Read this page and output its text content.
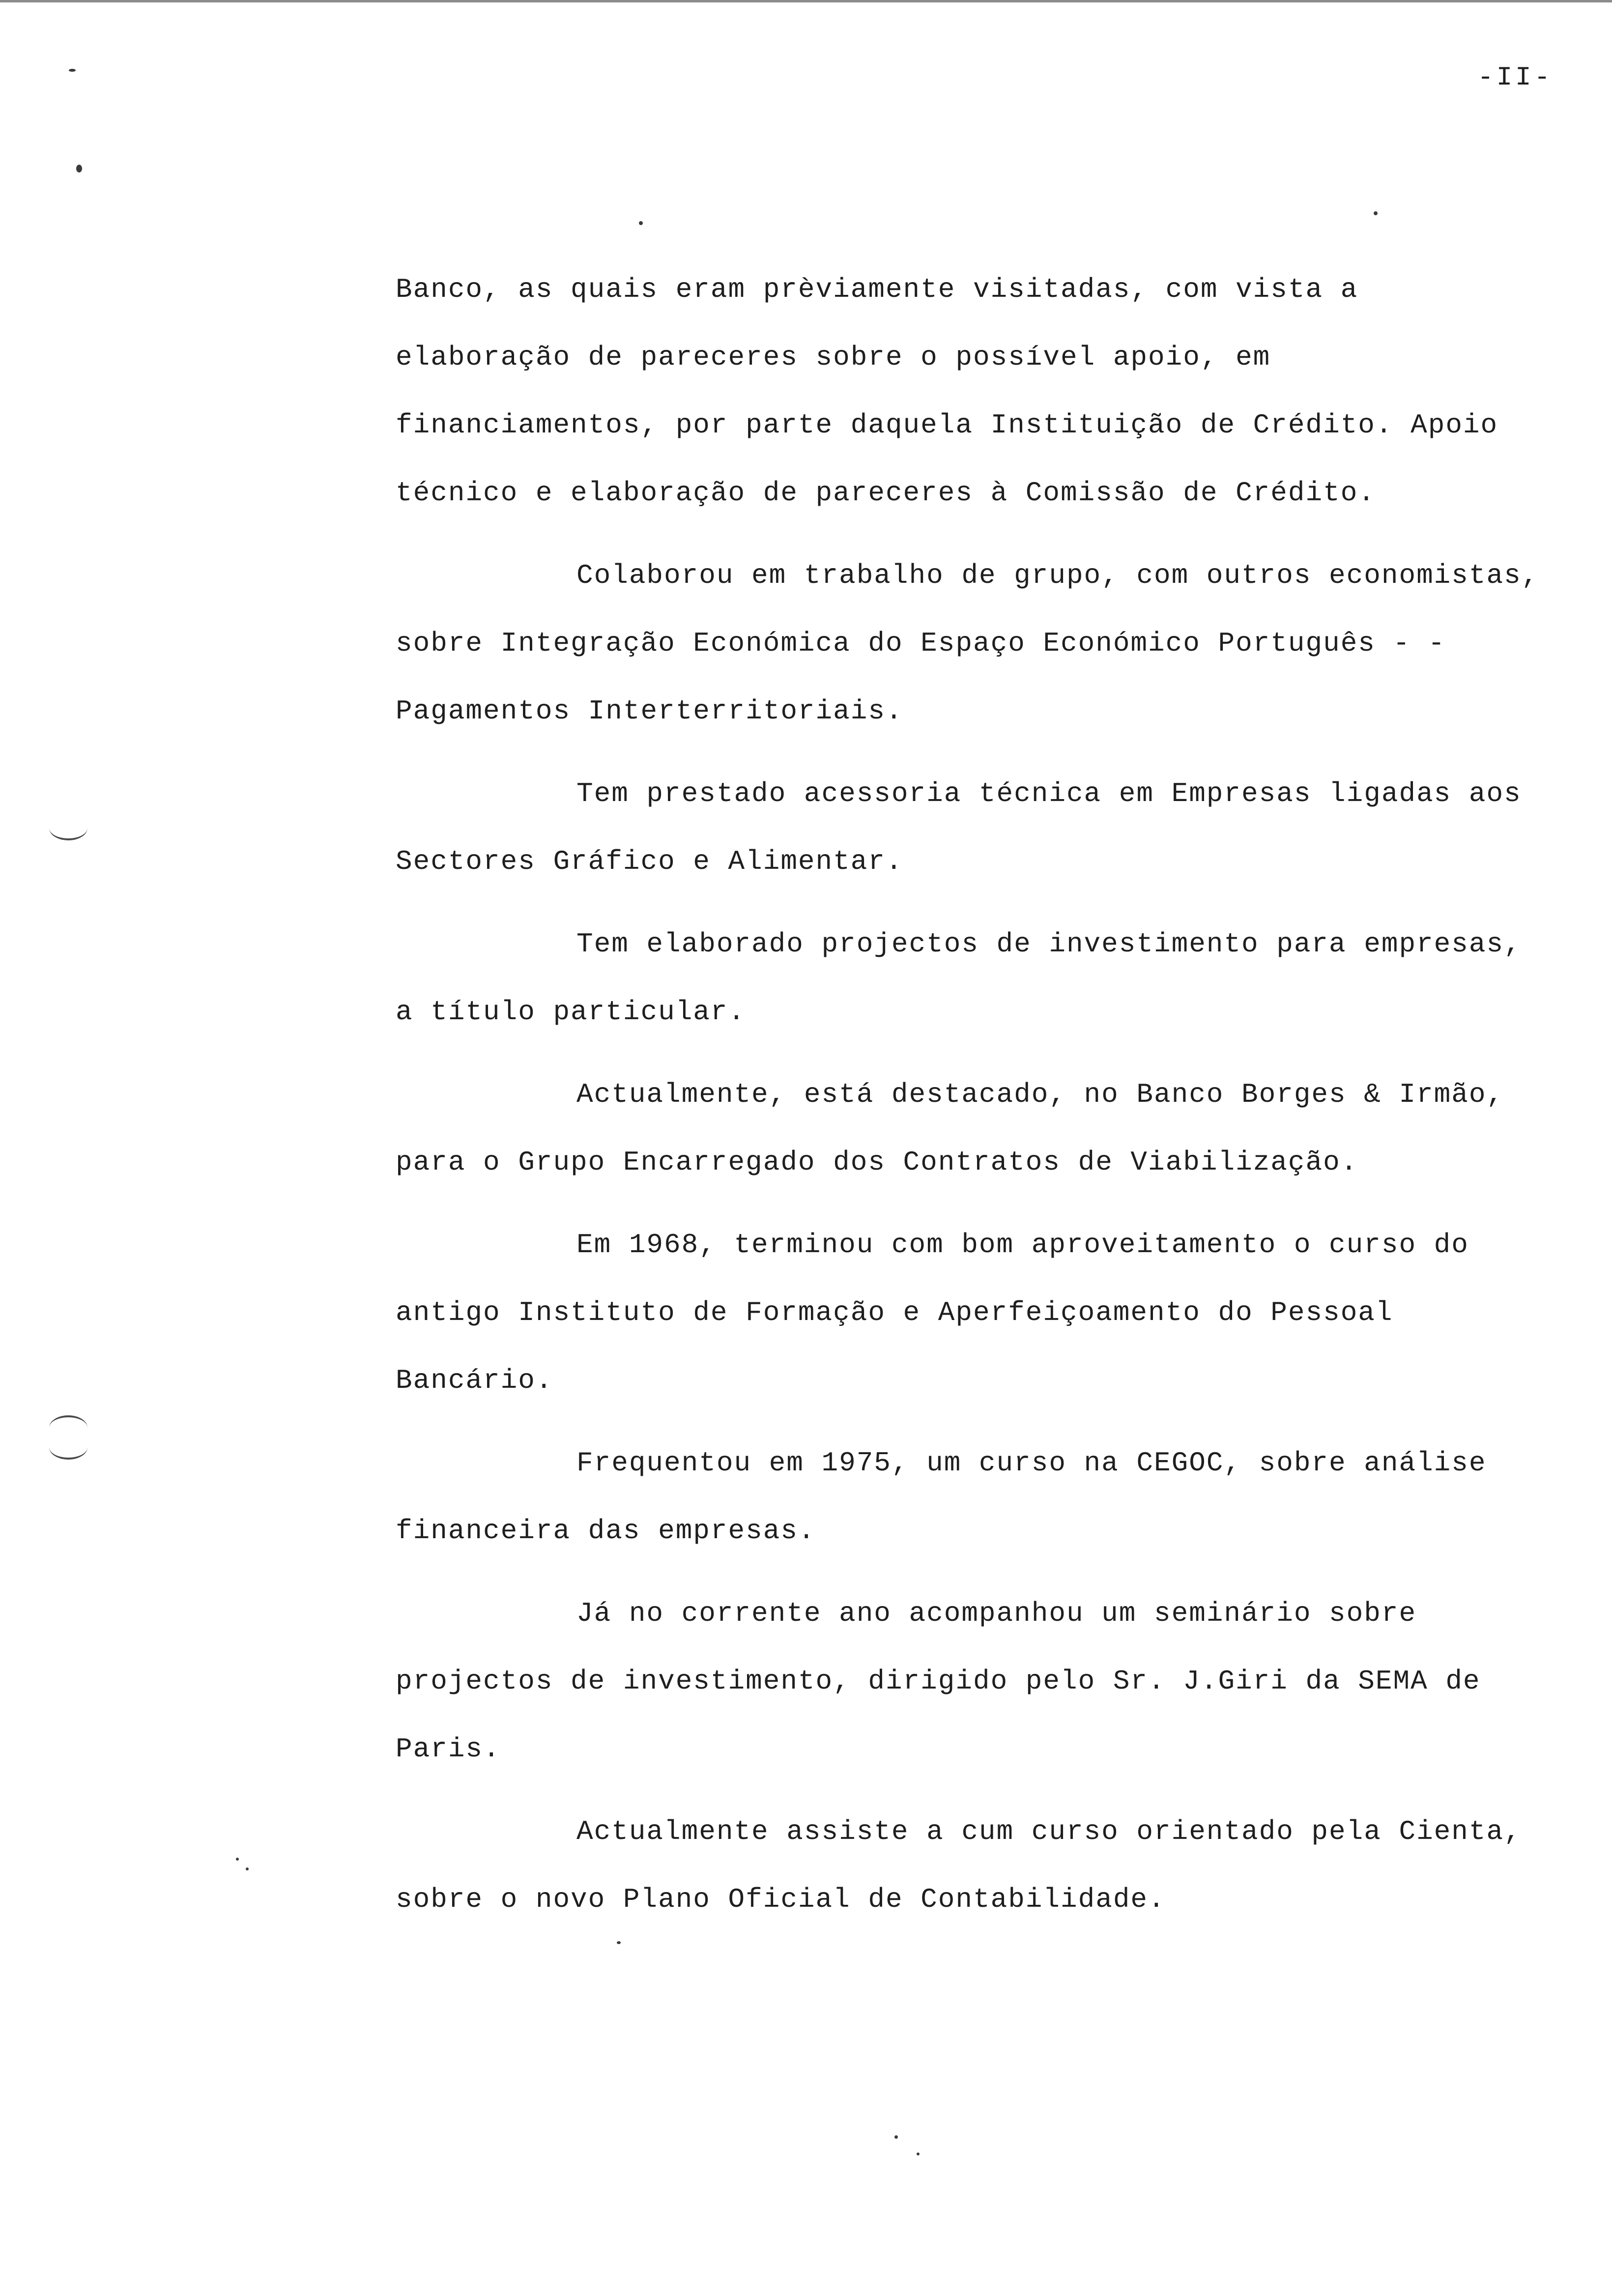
-II-

Banco, as quais eram prèviamente visitadas, com vista a elaboração de pareceres sobre o possível apoio, em financiamentos, por parte daquela Instituição de Crédito. Apoio técnico e elaboração de pareceres à Comissão de Crédito.

Colaborou em trabalho de grupo, com outros economistas, sobre Integração Económica do Espaço Económico Português - - Pagamentos Interterritoriais.

Tem prestado acessoria técnica em Empresas ligadas aos Sectores Gráfico e Alimentar.

Tem elaborado projectos de investimento para empresas, a título particular.

Actualmente, está destacado, no Banco Borges & Irmão, para o Grupo Encarregado dos Contratos de Viabilização.

Em 1968, terminou com bom aproveitamento o curso do antigo Instituto de Formação e Aperfeiçoamento do Pessoal Bancário.

Frequentou em 1975, um curso na CEGOC, sobre análise financeira das empresas.

Já no corrente ano acompanhou um seminário sobre projectos de investimento, dirigido pelo Sr. J.Giri da SEMA de Paris.

Actualmente assiste a cum curso orientado pela Cienta, sobre o novo Plano Oficial de Contabilidade.
